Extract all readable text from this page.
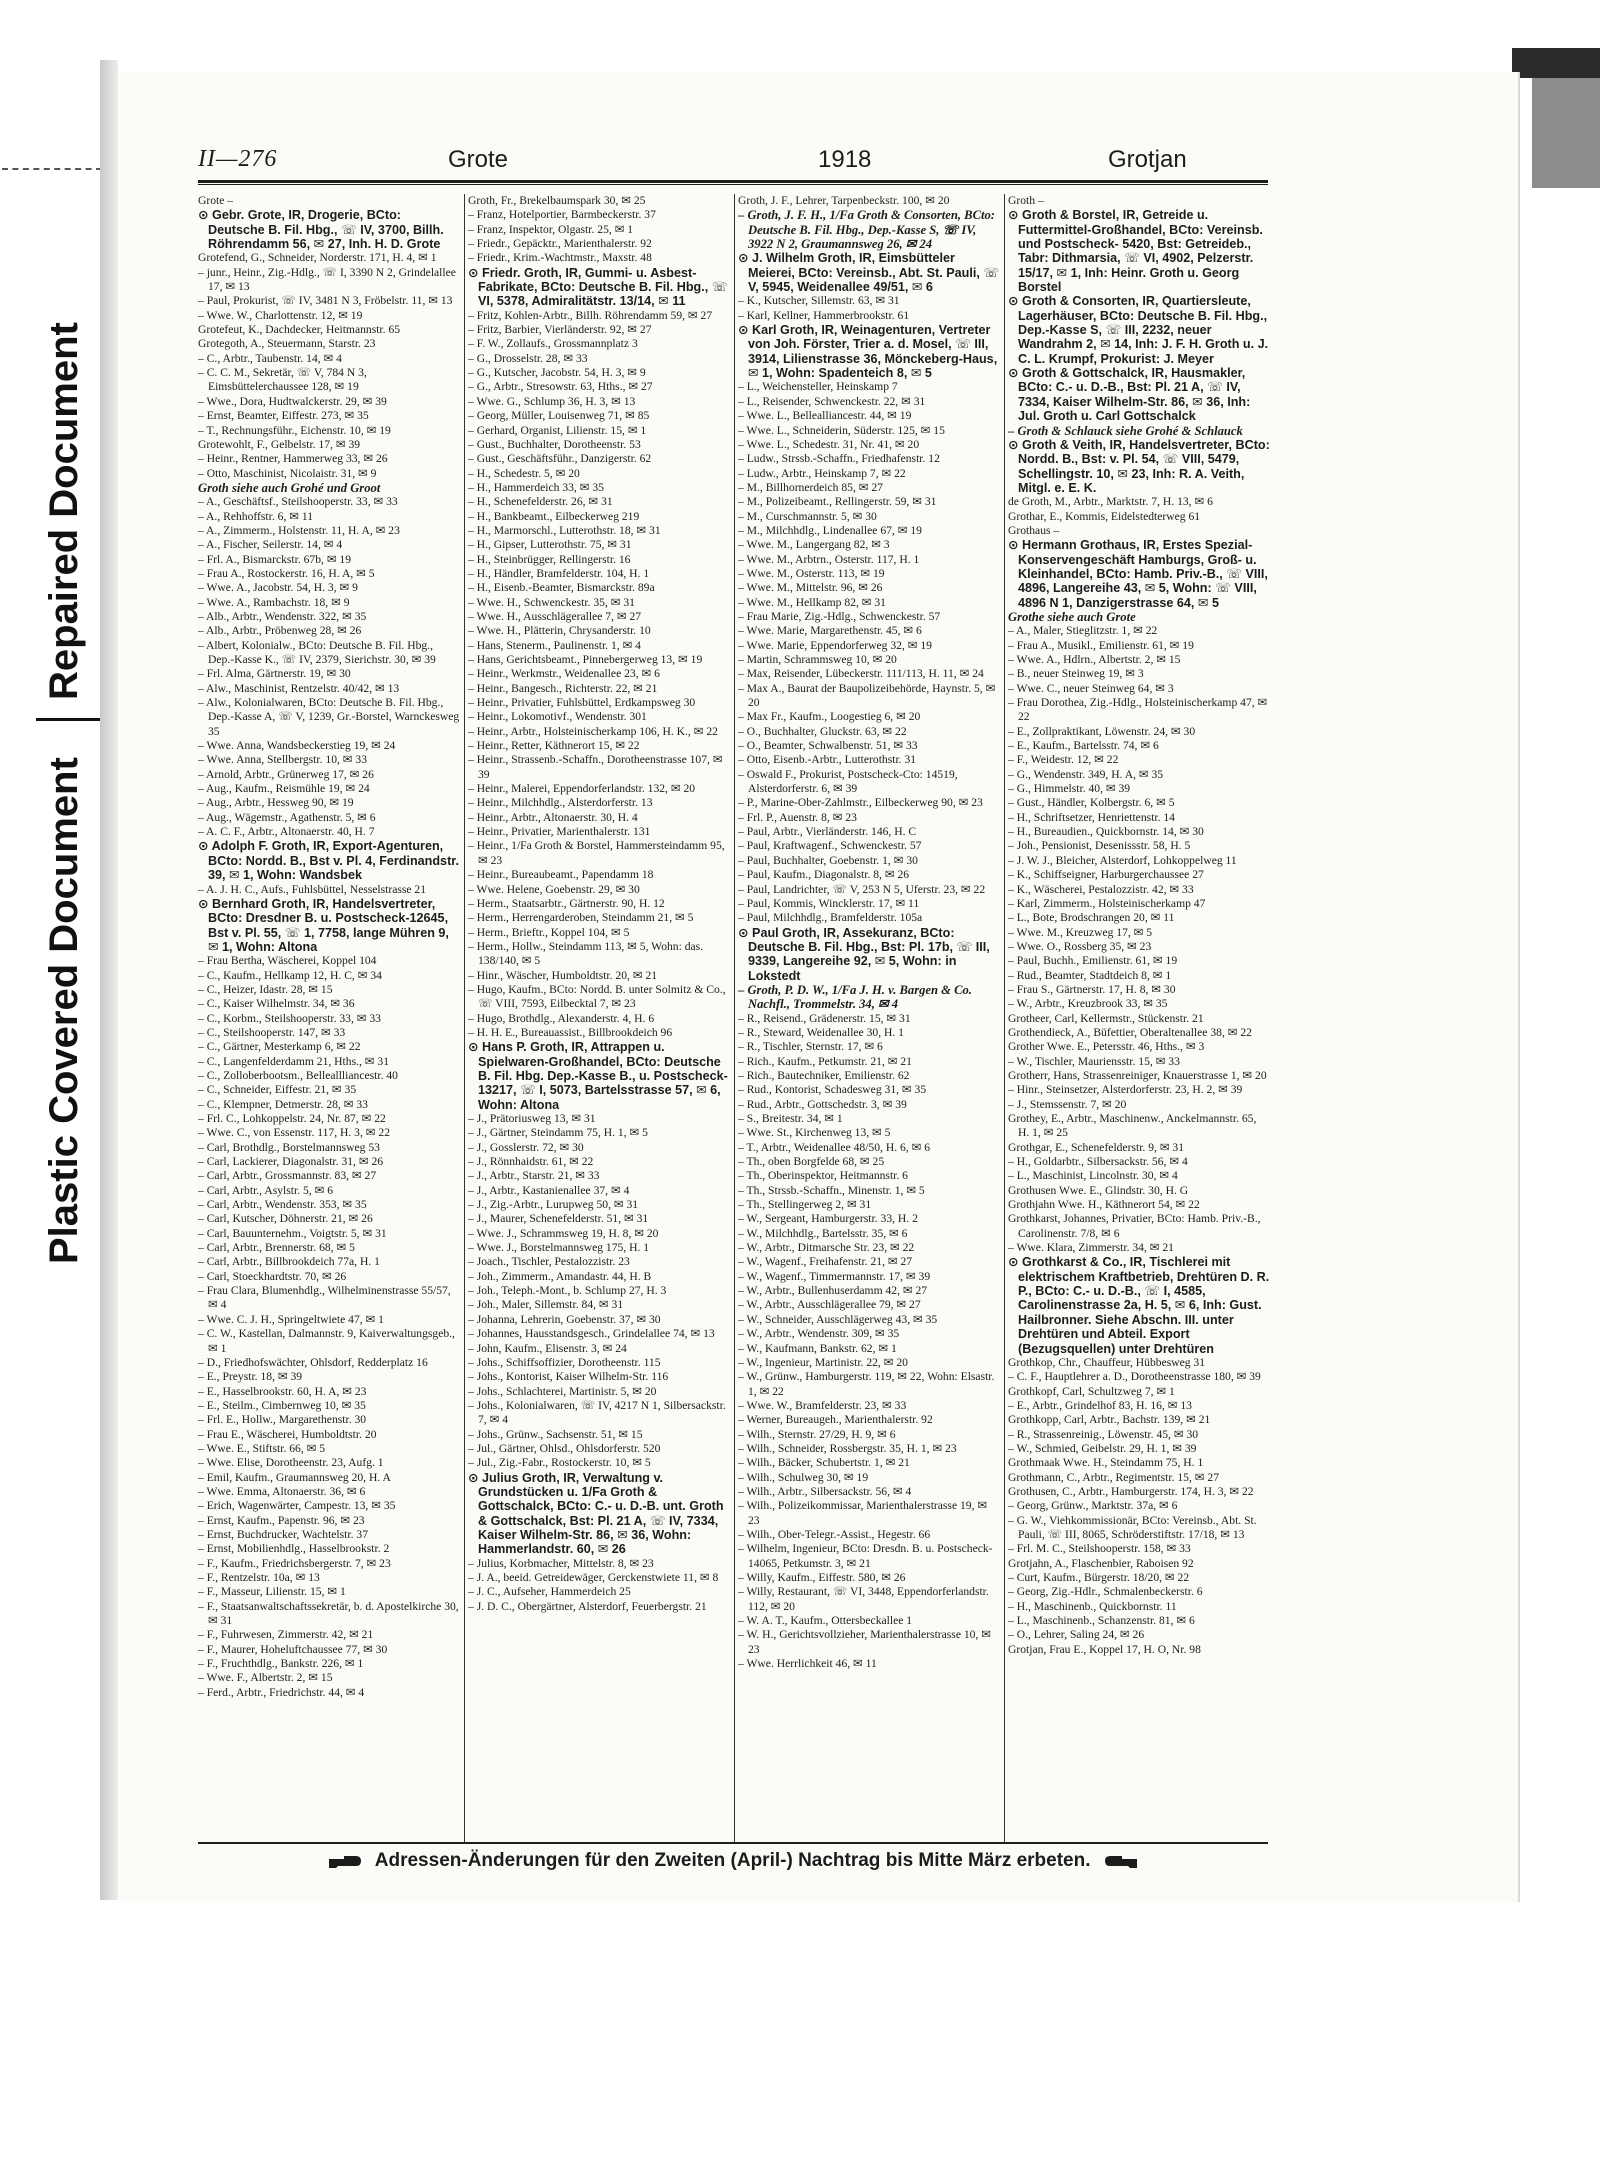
Repaired Document
Plastic Covered Document
II—276	Grote	1918	Grotjan

Grote –

⊙ Gebr. Grote, IR, Drogerie, BCto: Deutsche B. Fil. Hbg., ☏ IV, 3700, Billh. Röhrendamm 56, ✉ 27, Inh. H. D. Grote

Grotefend, G., Schneider, Norderstr. 171, H. 4, ✉ 1

– junr., Heinr., Zig.-Hdlg., ☏ I, 3390 N 2, Grindelallee 17, ✉ 13

– Paul, Prokurist, ☏ IV, 3481 N 3, Fröbelstr. 11, ✉ 13

– Wwe. W., Charlottenstr. 12, ✉ 19

Grotefeut, K., Dachdecker, Heitmannstr. 65

Grotegoth, A., Steuermann, Starstr. 23

– C., Arbtr., Taubenstr. 14, ✉ 4

– C. C. M., Sekretär, ☏ V, 784 N 3, Eimsbüttelerchaussee 128, ✉ 19

– Wwe., Dora, Hudtwalckerstr. 29, ✉ 39

– Ernst, Beamter, Eiffestr. 273, ✉ 35

– T., Rechnungsführ., Eichenstr. 10, ✉ 19

Grotewohlt, F., Gelbelstr. 17, ✉ 39

– Heinr., Rentner, Hammerweg 33, ✉ 26

– Otto, Maschinist, Nicolaistr. 31, ✉ 9

Groth siehe auch Grohé und Groot

– A., Geschäftsf., Steilshooperstr. 33, ✉ 33

– A., Rehhoffstr. 6, ✉ 11

– A., Zimmerm., Holstenstr. 11, H. A, ✉ 23

– A., Fischer, Seilerstr. 14, ✉ 4

– Frl. A., Bismarckstr. 67b, ✉ 19

– Frau A., Rostockerstr. 16, H. A, ✉ 5

– Wwe. A., Jacobstr. 54, H. 3, ✉ 9

– Wwe. A., Rambachstr. 18, ✉ 9

– Alb., Arbtr., Wendenstr. 322, ✉ 35

– Alb., Arbtr., Pröbenweg 28, ✉ 26

– Albert, Kolonialw., BCto: Deutsche B. Fil. Hbg., Dep.-Kasse K., ☏ IV, 2379, Sierichstr. 30, ✉ 39

– Frl. Alma, Gärtnerstr. 19, ✉ 30

– Alw., Maschinist, Rentzelstr. 40/42, ✉ 13

– Alw., Kolonialwaren, BCto: Deutsche B. Fil. Hbg., Dep.-Kasse A, ☏ V, 1239, Gr.-Borstel, Warnckesweg 35

– Wwe. Anna, Wandsbeckerstieg 19, ✉ 24

– Wwe. Anna, Stellbergstr. 10, ✉ 33

– Arnold, Arbtr., Grünerweg 17, ✉ 26

– Aug., Kaufm., Reismühle 19, ✉ 24

– Aug., Arbtr., Hessweg 90, ✉ 19

– Aug., Wägemstr., Agathenstr. 5, ✉ 6

– A. C. F., Arbtr., Altonaerstr. 40, H. 7

⊙ Adolph F. Groth, IR, Export-Agenturen, BCto: Nordd. B., Bst v. Pl. 4, Ferdinandstr. 39, ✉ 1, Wohn: Wandsbek

– A. J. H. C., Aufs., Fuhlsbüttel, Nesselstrasse 21

⊙ Bernhard Groth, IR, Handelsvertreter, BCto: Dresdner B. u. Postscheck-12645, Bst v. Pl. 55, ☏ 1, 7758, lange Mühren 9, ✉ 1, Wohn: Altona

– Frau Bertha, Wäscherei, Koppel 104

– C., Kaufm., Hellkamp 12, H. C, ✉ 34

– C., Heizer, Idastr. 28, ✉ 15

– C., Kaiser Wilhelmstr. 34, ✉ 36

– C., Korbm., Steilshooperstr. 33, ✉ 33

– C., Steilshooperstr. 147, ✉ 33

– C., Gärtner, Mesterkamp 6, ✉ 22

– C., Langenfelderdamm 21, Hths., ✉ 31

– C., Zolloberbootsm., Belleallliancestr. 40

– C., Schneider, Eiffestr. 21, ✉ 35

– C., Klempner, Detmerstr. 28, ✉ 33

– Frl. C., Lohkoppelstr. 24, Nr. 87, ✉ 22

– Wwe. C., von Essenstr. 117, H. 3, ✉ 22

– Carl, Brothdlg., Borstelmannsweg 53

– Carl, Lackierer, Diagonalstr. 31, ✉ 26

– Carl, Arbtr., Grossmannstr. 83, ✉ 27

– Carl, Arbtr., Asylstr. 5, ✉ 6

– Carl, Arbtr., Wendenstr. 353, ✉ 35

– Carl, Kutscher, Döhnerstr. 21, ✉ 26

– Carl, Bauunternehm., Voigtstr. 5, ✉ 31

– Carl, Arbtr., Brennerstr. 68, ✉ 5

– Carl, Arbtr., Billbrookdeich 77a, H. 1

– Carl, Stoeckhardtstr. 70, ✉ 26

– Frau Clara, Blumenhdlg., Wilhelminenstrasse 55/57, ✉ 4

– Wwe. C. J. H., Springeltwiete 47, ✉ 1

– C. W., Kastellan, Dalmannstr. 9, Kaiverwaltungsgeb., ✉ 1

– D., Friedhofswächter, Ohlsdorf, Redderplatz 16

– E., Preystr. 18, ✉ 39

– E., Hasselbrookstr. 60, H. A, ✉ 23

– E., Steilm., Cimbernweg 10, ✉ 35

– Frl. E., Hollw., Margarethenstr. 30

– Frau E., Wäscherei, Humboldtstr. 20

– Wwe. E., Stiftstr. 66, ✉ 5

– Wwe. Elise, Dorotheenstr. 23, Aufg. 1

– Emil, Kaufm., Graumannsweg 20, H. A

– Wwe. Emma, Altonaerstr. 36, ✉ 6

– Erich, Wagenwärter, Campestr. 13, ✉ 35

– Ernst, Kaufm., Papenstr. 96, ✉ 23

– Ernst, Buchdrucker, Wachtelstr. 37

– Ernst, Mobilienhdlg., Hasselbrookstr. 2

– F., Kaufm., Friedrichsbergerstr. 7, ✉ 23

– F., Rentzelstr. 10a, ✉ 13

– F., Masseur, Lilienstr. 15, ✉ 1

– F., Staatsanwaltschaftssekretär, b. d. Apostelkirche 30, ✉ 31

– F., Fuhrwesen, Zimmerstr. 42, ✉ 21

– F., Maurer, Hoheluftchaussee 77, ✉ 30

– F., Fruchthdlg., Bankstr. 226, ✉ 1

– Wwe. F., Albertstr. 2, ✉ 15

– Ferd., Arbtr., Friedrichstr. 44, ✉ 4

Groth, Fr., Brekelbaumspark 30, ✉ 25

– Franz, Hotelportier, Barmbeckerstr. 37

– Franz, Inspektor, Olgastr. 25, ✉ 1

– Friedr., Gepäcktr., Marienthalerstr. 92

– Friedr., Krim.-Wachtmstr., Maxstr. 48

⊙ Friedr. Groth, IR, Gummi- u. Asbest-Fabrikate, BCto: Deutsche B. Fil. Hbg., ☏ VI, 5378, Admiralitätstr. 13/14, ✉ 11

– Fritz, Kohlen-Arbtr., Billh. Röhrendamm 59, ✉ 27

– Fritz, Barbier, Vierländerstr. 92, ✉ 27

– F. W., Zollaufs., Grossmannplatz 3

– G., Drosselstr. 28, ✉ 33

– G., Kutscher, Jacobstr. 54, H. 3, ✉ 9

– G., Arbtr., Stresowstr. 63, Hths., ✉ 27

– Wwe. G., Schlump 36, H. 3, ✉ 13

– Georg, Müller, Louisenweg 71, ✉ 85

– Gerhard, Organist, Lilienstr. 15, ✉ 1

– Gust., Buchhalter, Dorotheenstr. 53

– Gust., Geschäftsführ., Danzigerstr. 62

– H., Schedestr. 5, ✉ 20

– H., Hammerdeich 33, ✉ 35

– H., Schenefelderstr. 26, ✉ 31

– H., Bankbeamt., Eilbeckerweg 219

– H., Marmorschl., Lutterothstr. 18, ✉ 31

– H., Gipser, Lutterothstr. 75, ✉ 31

– H., Steinbrügger, Rellingerstr. 16

– H., Händler, Bramfelderstr. 104, H. 1

– H., Eisenb.-Beamter, Bismarckstr. 89a

– Wwe. H., Schwenckestr. 35, ✉ 31

– Wwe. H., Ausschlägerallee 7, ✉ 27

– Wwe. H., Plätterin, Chrysanderstr. 10

– Hans, Stenerm., Paulinenstr. 1, ✉ 4

– Hans, Gerichtsbeamt., Pinnebergerweg 13, ✉ 19

– Heinr., Werkmstr., Weidenallee 23, ✉ 6

– Heinr., Bangesch., Richterstr. 22, ✉ 21

– Heinr., Privatier, Fuhlsbüttel, Erdkampsweg 30

– Heinr., Lokomotivf., Wendenstr. 301

– Heinr., Arbtr., Holsteinischerkamp 106, H. K., ✉ 22

– Heinr., Retter, Käthnerort 15, ✉ 22

– Heinr., Strassenb.-Schaffn., Dorotheenstrasse 107, ✉ 39

– Heinr., Malerei, Eppendorferlandstr. 132, ✉ 20

– Heinr., Milchhdlg., Alsterdorferstr. 13

– Heinr., Arbtr., Altonaerstr. 30, H. 4

– Heinr., Privatier, Marienthalerstr. 131

– Heinr., 1/Fa Groth & Borstel, Hammersteindamm 95, ✉ 23

– Heinr., Bureaubeamt., Papendamm 18

– Wwe. Helene, Goebenstr. 29, ✉ 30

– Herm., Staatsarbtr., Gärtnerstr. 90, H. 12

– Herm., Herrengarderoben, Steindamm 21, ✉ 5

– Herm., Brieftr., Koppel 104, ✉ 5

– Herm., Hollw., Steindamm 113, ✉ 5, Wohn: das. 138/140, ✉ 5

– Hinr., Wäscher, Humboldtstr. 20, ✉ 21

– Hugo, Kaufm., BCto: Nordd. B. unter Solmitz & Co., ☏ VIII, 7593, Eilbecktal 7, ✉ 23

– Hugo, Brothdlg., Alexanderstr. 4, H. 6

– H. H. E., Bureauassist., Billbrookdeich 96

⊙ Hans P. Groth, IR, Attrappen u. Spielwaren-Großhandel, BCto: Deutsche B. Fil. Hbg. Dep.-Kasse B., u. Postscheck- 13217, ☏ I, 5073, Bartelsstrasse 57, ✉ 6, Wohn: Altona

– J., Prätoriusweg 13, ✉ 31

– J., Gärtner, Steindamm 75, H. 1, ✉ 5

– J., Gosslerstr. 72, ✉ 30

– J., Rönnhaidstr. 61, ✉ 22

– J., Arbtr., Starstr. 21, ✉ 33

– J., Arbtr., Kastanienallee 37, ✉ 4

– J., Zig.-Arbtr., Lurupweg 50, ✉ 31

– J., Maurer, Schenefelderstr. 51, ✉ 31

– Wwe. J., Schrammsweg 19, H. 8, ✉ 20

– Wwe. J., Borstelmannsweg 175, H. 1

– Joach., Tischler, Pestalozzistr. 23

– Joh., Zimmerm., Amandastr. 44, H. B

– Joh., Teleph.-Mont., b. Schlump 27, H. 3

– Joh., Maler, Sillemstr. 84, ✉ 31

– Johanna, Lehrerin, Goebenstr. 37, ✉ 30

– Johannes, Hausstandsgesch., Grindelallee 74, ✉ 13

– John, Kaufm., Elisenstr. 3, ✉ 24

– Johs., Schiffsoffizier, Dorotheenstr. 115

– Johs., Kontorist, Kaiser Wilhelm-Str. 116

– Johs., Schlachterei, Martinistr. 5, ✉ 20

– Johs., Kolonialwaren, ☏ IV, 4217 N 1, Silbersackstr. 7, ✉ 4

– Johs., Grünw., Sachsenstr. 51, ✉ 15

– Jul., Gärtner, Ohlsd., Ohlsdorferstr. 520

– Jul., Zig.-Fabr., Rostockerstr. 10, ✉ 5

⊙ Julius Groth, IR, Verwaltung v. Grundstücken u. 1/Fa Groth & Gottschalck, BCto: C.- u. D.-B. unt. Groth & Gottschalck, Bst: Pl. 21 A, ☏ IV, 7334, Kaiser Wilhelm-Str. 86, ✉ 36, Wohn: Hammerlandstr. 60, ✉ 26

– Julius, Korbmacher, Mittelstr. 8, ✉ 23

– J. A., beeid. Getreidewäger, Gerckenstwiete 11, ✉ 8

– J. C., Aufseher, Hammerdeich 25

– J. D. C., Obergärtner, Alsterdorf, Feuerbergstr. 21

Groth, J. F., Lehrer, Tarpenbeckstr. 100, ✉ 20

– Groth, J. F. H., 1/Fa Groth & Consorten, BCto: Deutsche B. Fil. Hbg., Dep.-Kasse S, ☏ IV, 3922 N 2, Graumannsweg 26, ✉ 24

⊙ J. Wilhelm Groth, IR, Eimsbütteler Meierei, BCto: Vereinsb., Abt. St. Pauli, ☏ V, 5945, Weidenallee 49/51, ✉ 6

– K., Kutscher, Sillemstr. 63, ✉ 31

– Karl, Kellner, Hammerbrookstr. 61

⊙ Karl Groth, IR, Weinagenturen, Vertreter von Joh. Förster, Trier a. d. Mosel, ☏ III, 3914, Lilienstrasse 36, Mönckeberg-Haus, ✉ 1, Wohn: Spadenteich 8, ✉ 5

– L., Weichensteller, Heinskamp 7

– L., Reisender, Schwenckestr. 22, ✉ 31

– Wwe. L., Bellealliancestr. 44, ✉ 19

– Wwe. L., Schneiderin, Süderstr. 125, ✉ 15

– Wwe. L., Schedestr. 31, Nr. 41, ✉ 20

– Ludw., Strssb.-Schaffn., Friedhafenstr. 12

– Ludw., Arbtr., Heinskamp 7, ✉ 22

– M., Billhornerdeich 85, ✉ 27

– M., Polizeibeamt., Rellingerstr. 59, ✉ 31

– M., Curschmannstr. 5, ✉ 30

– M., Milchhdlg., Lindenallee 67, ✉ 19

– Wwe. M., Langergang 82, ✉ 3

– Wwe. M., Arbtrn., Osterstr. 117, H. 1

– Wwe. M., Osterstr. 113, ✉ 19

– Wwe. M., Mittelstr. 96, ✉ 26

– Wwe. M., Hellkamp 82, ✉ 31

– Frau Marie, Zig.-Hdlg., Schwenckestr. 57

– Wwe. Marie, Margarethenstr. 45, ✉ 6

– Wwe. Marie, Eppendorferweg 32, ✉ 19

– Martin, Schrammsweg 10, ✉ 20

– Max, Reisender, Lübeckerstr. 111/113, H. 11, ✉ 24

– Max A., Baurat der Baupolizeibehörde, Haynstr. 5, ✉ 20

– Max Fr., Kaufm., Loogestieg 6, ✉ 20

– O., Buchhalter, Gluckstr. 63, ✉ 22

– O., Beamter, Schwalbenstr. 51, ✉ 33

– Otto, Eisenb.-Arbtr., Lutterothstr. 31

– Oswald F., Prokurist, Postscheck-Cto: 14519, Alsterdorferstr. 6, ✉ 39

– P., Marine-Ober-Zahlmstr., Eilbeckerweg 90, ✉ 23

– Frl. P., Auenstr. 8, ✉ 23

– Paul, Arbtr., Vierländerstr. 146, H. C

– Paul, Kraftwagenf., Schwenckestr. 57

– Paul, Buchhalter, Goebenstr. 1, ✉ 30

– Paul, Kaufm., Diagonalstr. 8, ✉ 26

– Paul, Landrichter, ☏ V, 253 N 5, Uferstr. 23, ✉ 22

– Paul, Kommis, Wincklerstr. 17, ✉ 11

– Paul, Milchhdlg., Bramfelderstr. 105a

⊙ Paul Groth, IR, Assekuranz, BCto: Deutsche B. Fil. Hbg., Bst: Pl. 17b, ☏ III, 9339, Langereihe 92, ✉ 5, Wohn: in Lokstedt

– Groth, P. D. W., 1/Fa J. H. v. Bargen & Co. Nachfl., Trommelstr. 34, ✉ 4

– R., Reisend., Grädenerstr. 15, ✉ 31

– R., Steward, Weidenallee 30, H. 1

– R., Tischler, Sternstr. 17, ✉ 6

– Rich., Kaufm., Petkumstr. 21, ✉ 21

– Rich., Bautechniker, Emilienstr. 62

– Rud., Kontorist, Schadesweg 31, ✉ 35

– Rud., Arbtr., Gottschedstr. 3, ✉ 39

– S., Breitestr. 34, ✉ 1

– Wwe. St., Kirchenweg 13, ✉ 5

– T., Arbtr., Weidenallee 48/50, H. 6, ✉ 6

– Th., oben Borgfelde 68, ✉ 25

– Th., Oberinspektor, Heitmannstr. 6

– Th., Strssb.-Schaffn., Minenstr. 1, ✉ 5

– Th., Stellingerweg 2, ✉ 31

– W., Sergeant, Hamburgerstr. 33, H. 2

– W., Milchhdlg., Bartelsstr. 35, ✉ 6

– W., Arbtr., Ditmarsche Str. 23, ✉ 22

– W., Wagenf., Freihafenstr. 21, ✉ 27

– W., Wagenf., Timmermannstr. 17, ✉ 39

– W., Arbtr., Bullenhuserdamm 42, ✉ 27

– W., Arbtr., Ausschlägerallee 79, ✉ 27

– W., Schneider, Ausschlägerweg 43, ✉ 35

– W., Arbtr., Wendenstr. 309, ✉ 35

– W., Kaufmann, Bankstr. 62, ✉ 1

– W., Ingenieur, Martinistr. 22, ✉ 20

– W., Grünw., Hamburgerstr. 119, ✉ 22, Wohn: Elsastr. 1, ✉ 22

– Wwe. W., Bramfelderstr. 23, ✉ 33

– Werner, Bureaugeh., Marienthalerstr. 92

– Wilh., Sternstr. 27/29, H. 9, ✉ 6

– Wilh., Schneider, Rossbergstr. 35, H. 1, ✉ 23

– Wilh., Bäcker, Schubertstr. 1, ✉ 21

– Wilh., Schulweg 30, ✉ 19

– Wilh., Arbtr., Silbersackstr. 56, ✉ 4

– Wilh., Polizeikommissar, Marienthalerstrasse 19, ✉ 23

– Wilh., Ober-Telegr.-Assist., Hegestr. 66

– Wilhelm, Ingenieur, BCto: Dresdn. B. u. Postscheck-14065, Petkumstr. 3, ✉ 21

– Willy, Kaufm., Eiffestr. 580, ✉ 26

– Willy, Restaurant, ☏ VI, 3448, Eppendorferlandstr. 112, ✉ 20

– W. A. T., Kaufm., Ottersbeckallee 1

– W. H., Gerichtsvollzieher, Marienthalerstrasse 10, ✉ 23

– Wwe. Herrlichkeit 46, ✉ 11

Groth –

⊙ Groth & Borstel, IR, Getreide u. Futtermittel-Großhandel, BCto: Vereinsb. und Postscheck- 5420, Bst: Getreideb., Tabr: Dithmarsia, ☏ VI, 4902, Pelzerstr. 15/17, ✉ 1, Inh: Heinr. Groth u. Georg Borstel

⊙ Groth & Consorten, IR, Quartiersleute, Lagerhäuser, BCto: Deutsche B. Fil. Hbg., Dep.-Kasse S, ☏ III, 2232, neuer Wandrahm 2, ✉ 14, Inh: J. F. H. Groth u. J. C. L. Krumpf, Prokurist: J. Meyer

⊙ Groth & Gottschalck, IR, Hausmakler, BCto: C.- u. D.-B., Bst: Pl. 21 A, ☏ IV, 7334, Kaiser Wilhelm-Str. 86, ✉ 36, Inh: Jul. Groth u. Carl Gottschalck

– Groth & Schlauck siehe Grohé & Schlauck

⊙ Groth & Veith, IR, Handelsvertreter, BCto: Nordd. B., Bst: v. Pl. 54, ☏ VIII, 5479, Schellingstr. 10, ✉ 23, Inh: R. A. Veith, Mitgl. e. E. K.

de Groth, M., Arbtr., Marktstr. 7, H. 13, ✉ 6

Grothar, E., Kommis, Eidelstedterweg 61

Grothaus –

⊙ Hermann Grothaus, IR, Erstes Spezial-Konservengeschäft Hamburgs, Groß- u. Kleinhandel, BCto: Hamb. Priv.-B., ☏ VIII, 4896, Langereihe 43, ✉ 5, Wohn: ☏ VIII, 4896 N 1, Danzigerstrasse 64, ✉ 5

Grothe siehe auch Grote

– A., Maler, Stieglitzstr. 1, ✉ 22

– Frau A., Musikl., Emilienstr. 61, ✉ 19

– Wwe. A., Hdlrn., Albertstr. 2, ✉ 15

– B., neuer Steinweg 19, ✉ 3

– Wwe. C., neuer Steinweg 64, ✉ 3

– Frau Dorothea, Zig.-Hdlg., Holsteinischerkamp 47, ✉ 22

– E., Zollpraktikant, Löwenstr. 24, ✉ 30

– E., Kaufm., Bartelsstr. 74, ✉ 6

– F., Weidestr. 12, ✉ 22

– G., Wendenstr. 349, H. A, ✉ 35

– G., Himmelstr. 40, ✉ 39

– Gust., Händler, Kolbergstr. 6, ✉ 5

– H., Schriftsetzer, Henriettenstr. 14

– H., Bureaudien., Quickbornstr. 14, ✉ 30

– Joh., Pensionist, Desenissstr. 58, H. 5

– J. W. J., Bleicher, Alsterdorf, Lohkoppelweg 11

– K., Schiffseigner, Harburgerchaussee 27

– K., Wäscherei, Pestalozzistr. 42, ✉ 33

– Karl, Zimmerm., Holsteinischerkamp 47

– L., Bote, Brodschrangen 20, ✉ 11

– Wwe. M., Kreuzweg 17, ✉ 5

– Wwe. O., Rossberg 35, ✉ 23

– Paul, Buchh., Emilienstr. 61, ✉ 19

– Rud., Beamter, Stadtdeich 8, ✉ 1

– Frau S., Gärtnerstr. 17, H. 8, ✉ 30

– W., Arbtr., Kreuzbrook 33, ✉ 35

Grotheer, Carl, Kellermstr., Stückenstr. 21

Grothendieck, A., Büfettier, Oberaltenallee 38, ✉ 22

Grother Wwe. E., Petersstr. 46, Hths., ✉ 3

– W., Tischler, Mauriensstr. 15, ✉ 33

Grotherr, Hans, Strassenreiniger, Knauerstrasse 1, ✉ 20

– Hinr., Steinsetzer, Alsterdorferstr. 23, H. 2, ✉ 39

– J., Stemssenstr. 7, ✉ 20

Grothey, E., Arbtr., Maschinenw., Anckelmannstr. 65, H. 1, ✉ 25

Grothgar, E., Schenefelderstr. 9, ✉ 31

– H., Goldarbtr., Silbersackstr. 56, ✉ 4

– L., Maschinist, Lincolnstr. 30, ✉ 4

Grothusen Wwe. E., Glindstr. 30, H. G

Grothjahn Wwe. H., Käthnerort 54, ✉ 22

Grothkarst, Johannes, Privatier, BCto: Hamb. Priv.-B., Carolinenstr. 7/8, ✉ 6

– Wwe. Klara, Zimmerstr. 34, ✉ 21

⊙ Grothkarst & Co., IR, Tischlerei mit elektrischem Kraftbetrieb, Drehtüren D. R. P., BCto: C.- u. D.-B., ☏ I, 4585, Carolinenstrasse 2a, H. 5, ✉ 6, Inh: Gust. Hailbronner. Siehe Abschn. III. unter Drehtüren und Abteil. Export (Bezugsquellen) unter Drehtüren

Grothkop, Chr., Chauffeur, Hübbesweg 31

– C. F., Hauptlehrer a. D., Dorotheenstrasse 180, ✉ 39

Grothkopf, Carl, Schultzweg 7, ✉ 1

– E., Arbtr., Grindelhof 83, H. 16, ✉ 13

Grothkopp, Carl, Arbtr., Bachstr. 139, ✉ 21

– R., Strassenreinig., Löwenstr. 45, ✉ 30

– W., Schmied, Geibelstr. 29, H. 1, ✉ 39

Grothmaak Wwe. H., Steindamm 75, H. 1

Grothmann, C., Arbtr., Regimentstr. 15, ✉ 27

Grothusen, C., Arbtr., Hamburgerstr. 174, H. 3, ✉ 22

– Georg, Grünw., Marktstr. 37a, ✉ 6

– G. W., Viehkommissionär, BCto: Vereinsb., Abt. St. Pauli, ☏ III, 8065, Schröderstiftstr. 17/18, ✉ 13

– Frl. M. C., Steilshooperstr. 158, ✉ 33

Grotjahn, A., Flaschenbier, Raboisen 92

– Curt, Kaufm., Bürgerstr. 18/20, ✉ 22

– Georg, Zig.-Hdlr., Schmalenbeckerstr. 6

– H., Maschinenb., Quickbornstr. 11

– L., Maschinenb., Schanzenstr. 81, ✉ 6

– O., Lehrer, Saling 24, ✉ 26

Grotjan, Frau E., Koppel 17, H. O, Nr. 98

Adressen-Änderungen für den Zweiten (April-) Nachtrag bis Mitte März erbeten.
